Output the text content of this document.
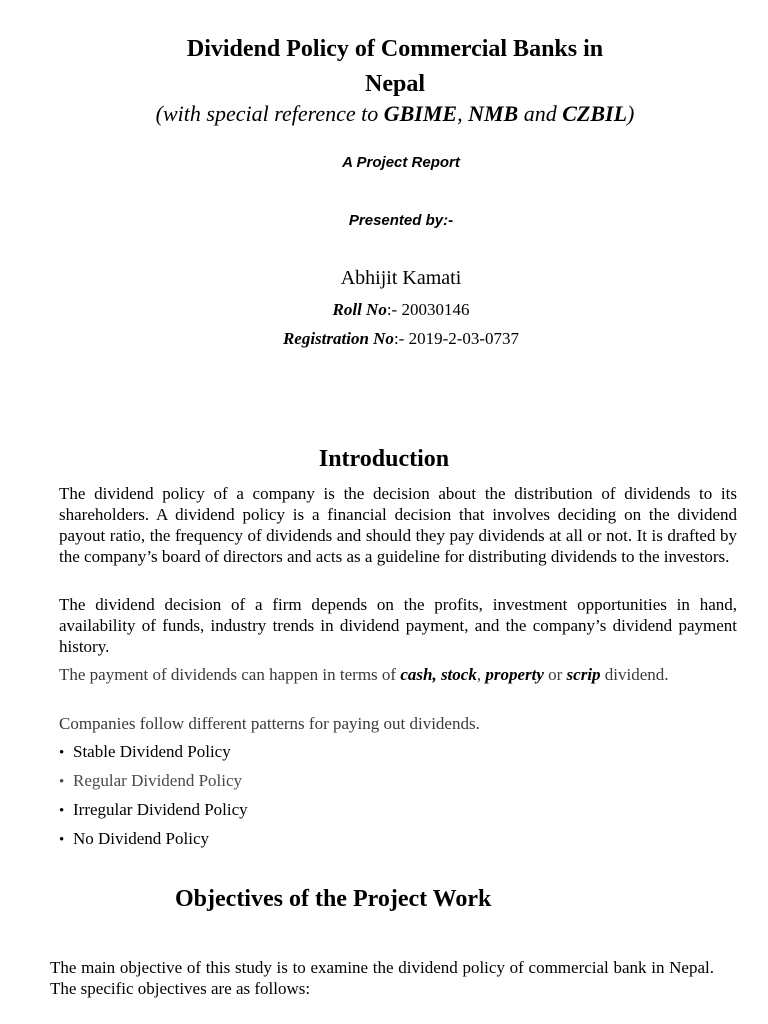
Dividend Policy of Commercial Banks in
Nepal
(with special reference to GBIME, NMB and CZBIL)
A Project Report
Presented by:-
Abhijit Kamati
Roll No:- 20030146
Registration No:- 2019-2-03-0737
Introduction
The dividend policy of a company is the decision about the distribution of dividends to its shareholders. A dividend policy is a financial decision that involves deciding on the dividend payout ratio, the frequency of dividends and should they pay dividends at all or not. It is drafted by the company’s board of directors and acts as a guideline for distributing dividends to the investors.
The dividend decision of a firm depends on the profits, investment opportunities in hand, availability of funds, industry trends in dividend payment, and the company’s dividend payment history.
The payment of dividends can happen in terms of cash, stock, property or scrip dividend.
Companies follow different patterns for paying out dividends.
• Stable Dividend Policy
• Regular Dividend Policy
• Irregular Dividend Policy
• No Dividend Policy
Objectives of the Project Work
The main objective of this study is to examine the dividend policy of commercial bank in Nepal. The specific objectives are as follows:
